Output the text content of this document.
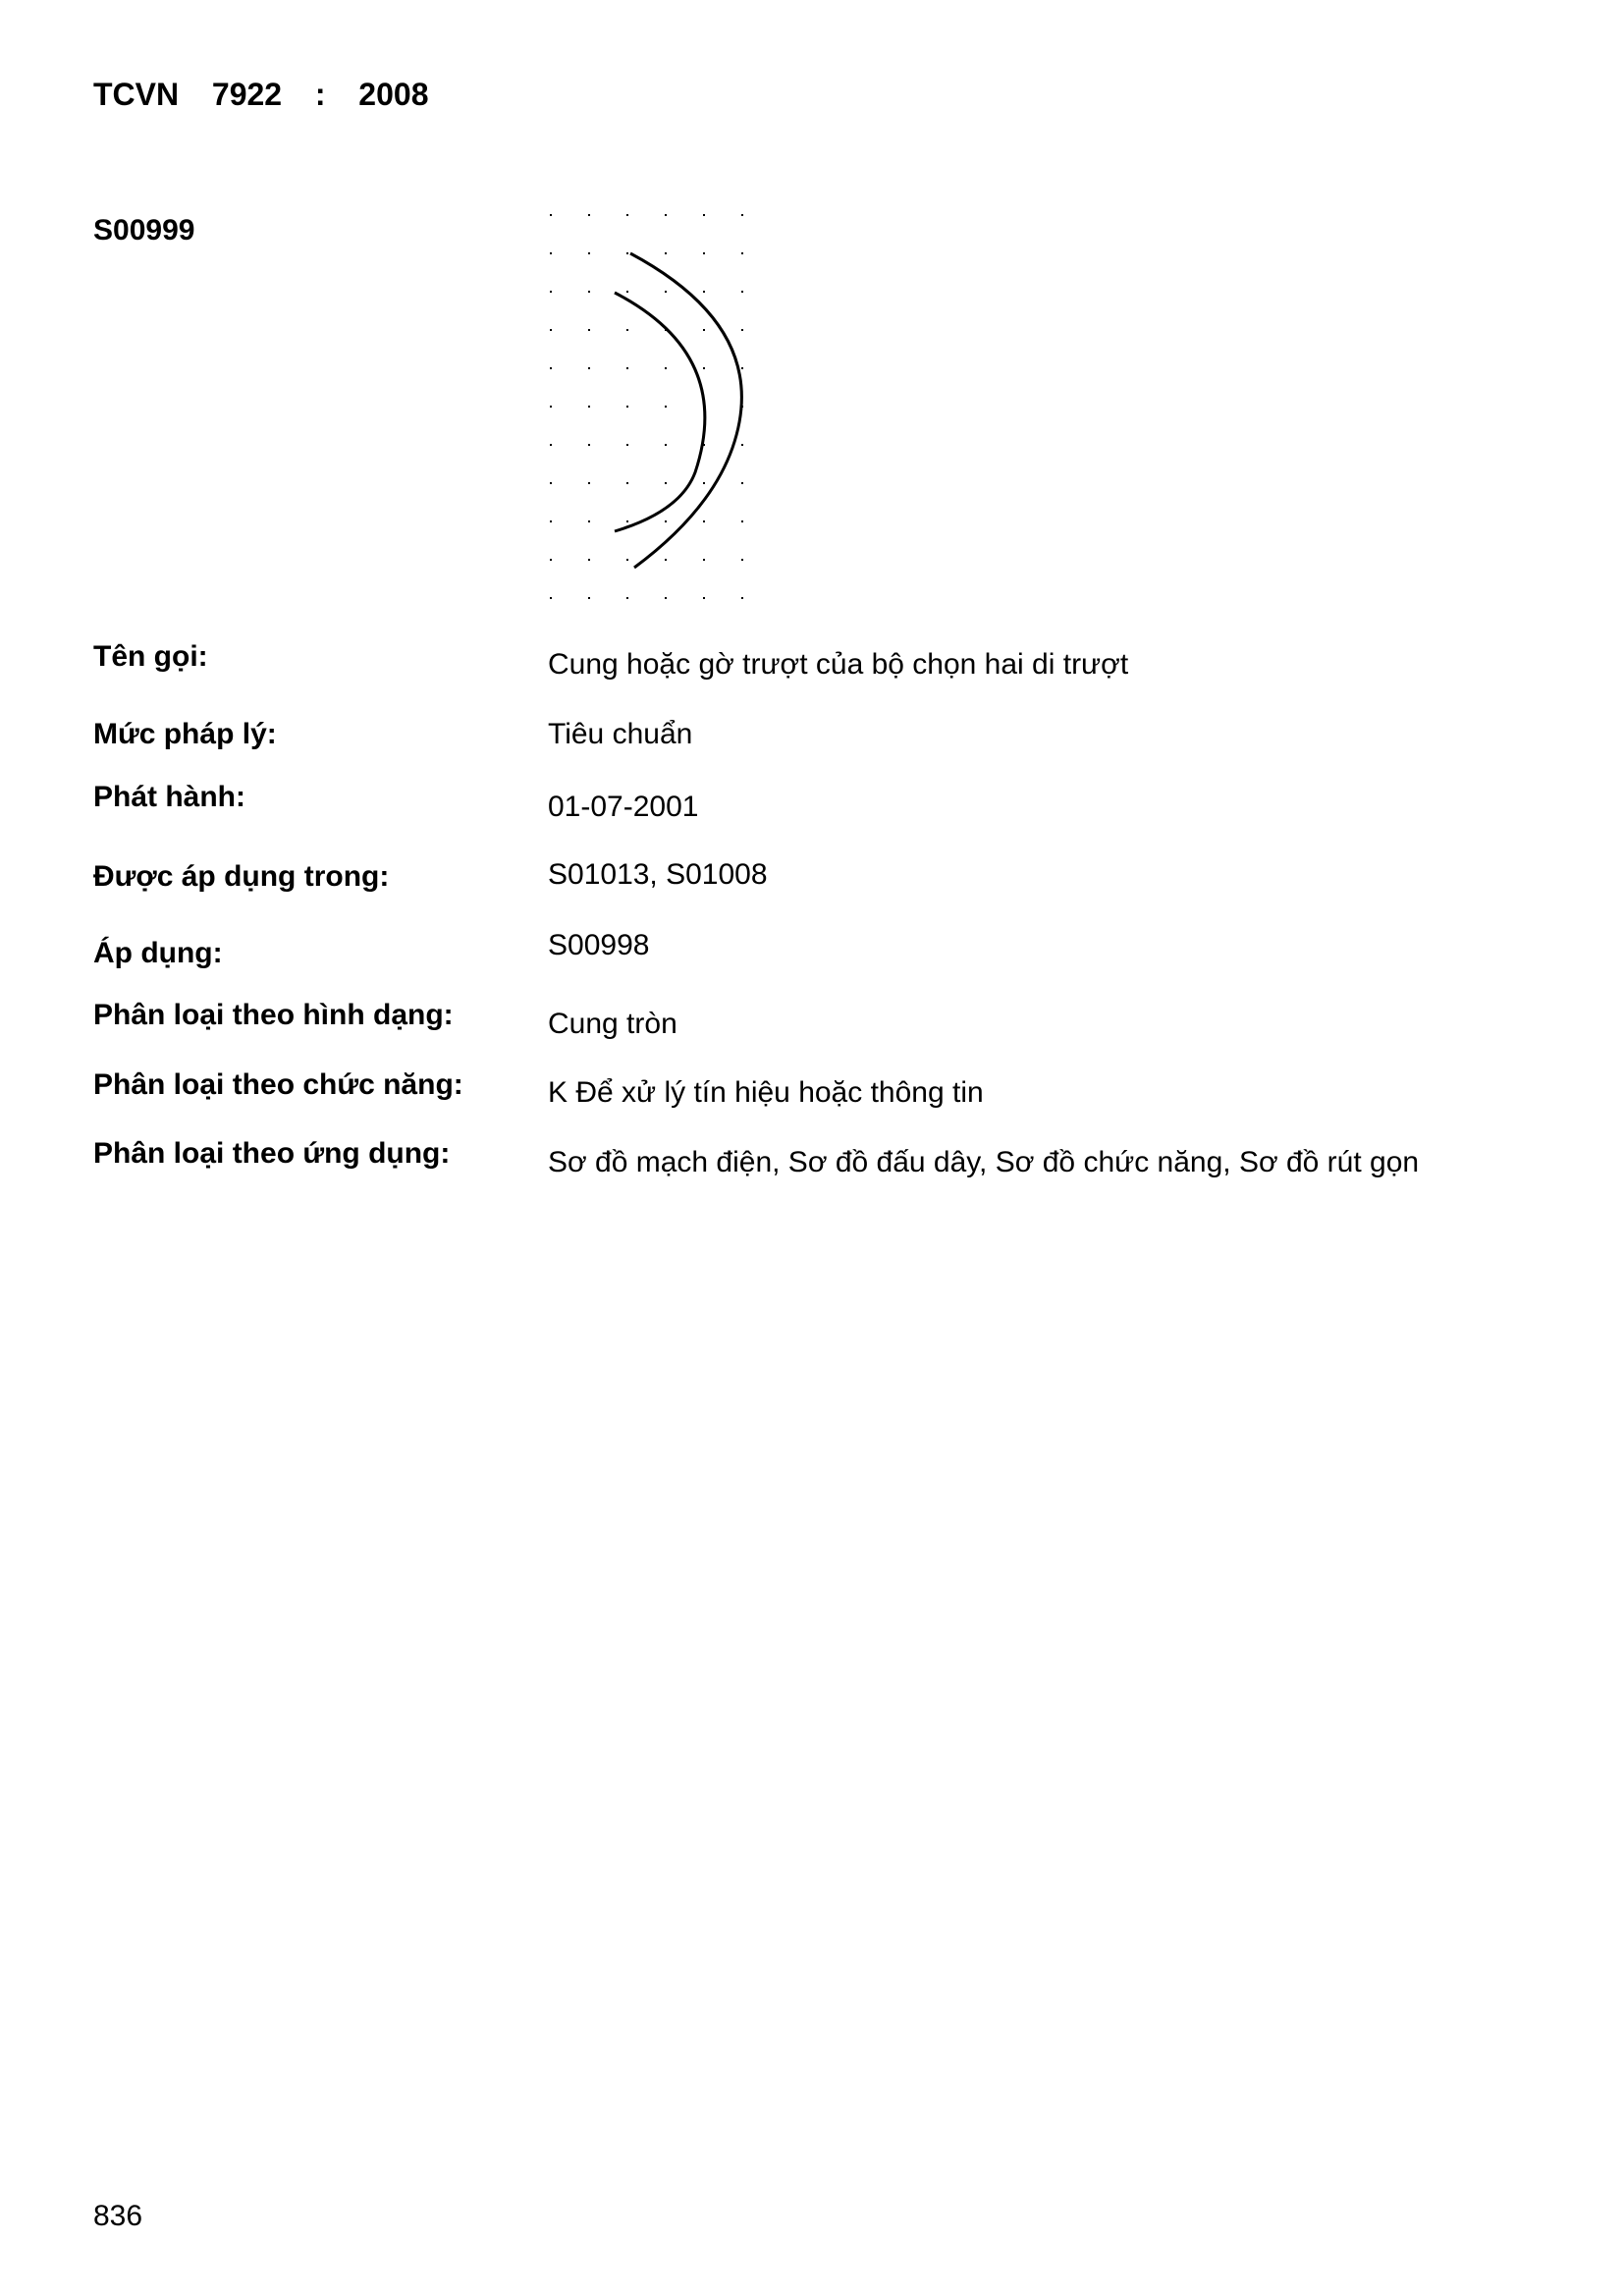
TCVN  7922  :  2008
S00999
Tên gọi:	Cung hoặc gờ trượt của bộ chọn hai di trượt
Mức pháp lý:	Tiêu chuẩn
Phát hành:	01-07-2001
Được áp dụng trong:	S01013, S01008
Áp dụng:	S00998
Phân loại theo hình dạng:	Cung tròn
Phân loại theo chức năng:	K Để xử lý tín hiệu hoặc thông tin
Phân loại theo ứng dụng:	Sơ đồ mạch điện, Sơ đồ đấu dây, Sơ đồ chức năng, Sơ đồ rút gọn
836
